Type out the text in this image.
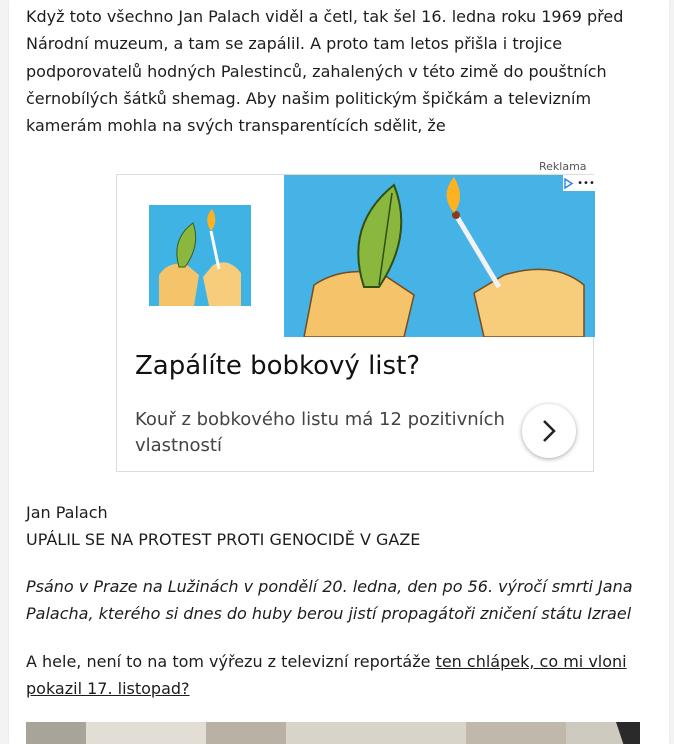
Když toto všechno Jan Palach viděl a četl, tak šel 16. ledna roku 1969 před Národní muzeum, a tam se zapálil. A proto tam letos přišla i trojice podporovatelů hodných Palestinců, zahalených v této zimě do pouštních černobílých šátků shemag. Aby našim politickým špičkám a televizním kamerám mohla na svých transparentících sdělit, že

Reklama
•••
Zapálíte bobkový list?
Kouř z bobkového listu má 12 pozitivních vlastností

Jan Palach

UPÁLIL SE NA PROTEST PROTI GENOCIDĚ V GAZE

Psáno v Praze na Lužinách v pondělí 20. ledna, den po 56. výročí smrti Jana Palacha, kterého si dnes do huby berou jistí propagátoři zničení státu Izrael

A hele, není to na tom výřezu z televizní reportáže ten chlápek, co mi vloni pokazil 17. listopad?
